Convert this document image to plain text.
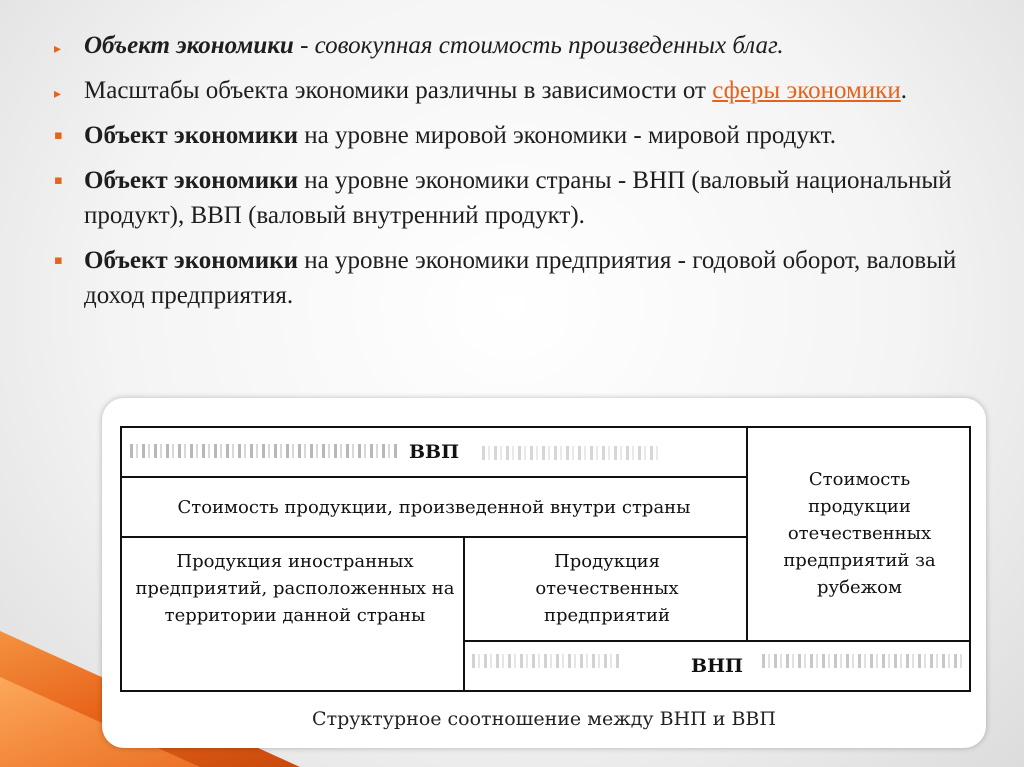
▸ Объект экономики - совокупная стоимость произведенных благ.
▸ Масштабы объекта экономики различны в зависимости от сферы экономики.
▪ Объект экономики на уровне мировой экономики - мировой продукт.
▪ Объект экономики на уровне экономики страны - ВНП (валовый национальный продукт), ВВП (валовый внутренний продукт).
▪ Объект экономики на уровне экономики предприятия - годовой оборот, валовый доход предприятия.
ВВП
Стоимость продукции, произведенной внутри страны
Продукция иностранных предприятий, расположенных на территории данной страны
Продукция отечественных предприятий
Стоимость продукции отечественных предприятий за рубежом
ВНП
Структурное соотношение между ВНП и ВВП
